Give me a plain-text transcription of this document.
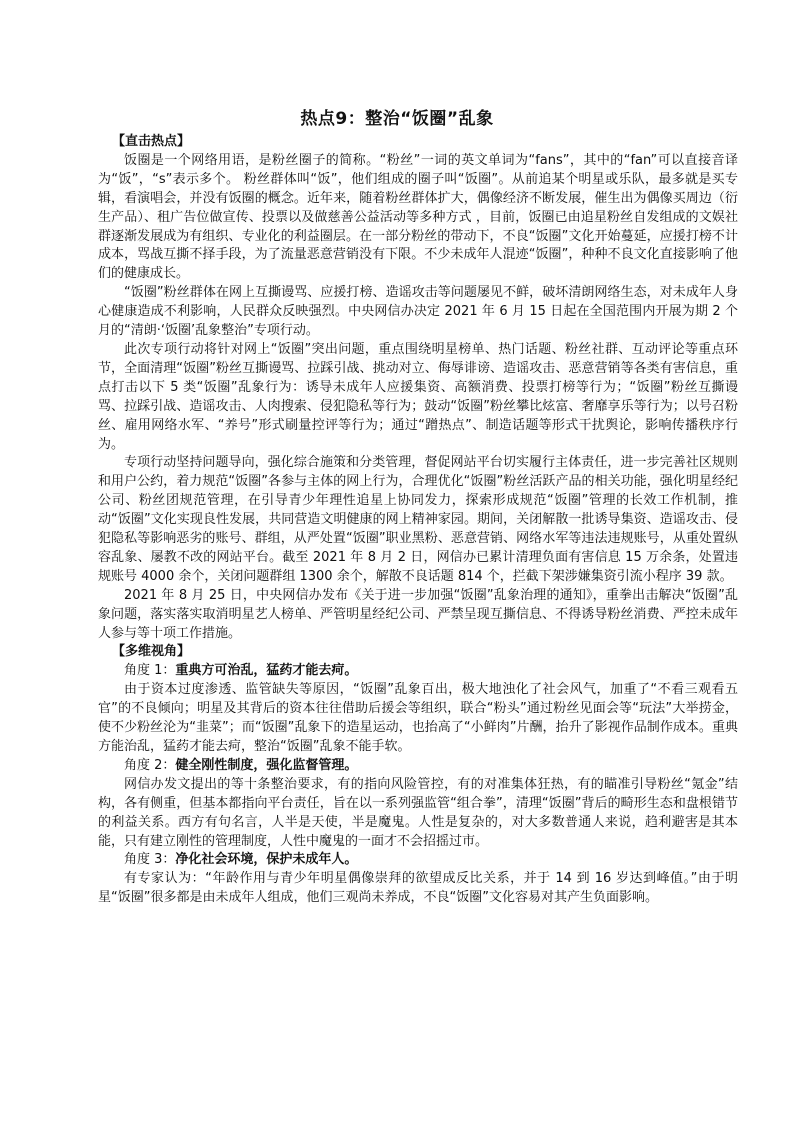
热点9：整治“饭圈”乱象

【直击热点】

饭圈是一个网络用语，是粉丝圈子的简称。“粉丝”一词的英文单词为“fans”，其中的“fan”可以直接音译为“饭”，“s”表示多个。 粉丝群体叫“饭”，他们组成的圈子叫“饭圈”。从前追某个明星或乐队，最多就是买专辑，看演唱会，并没有饭圈的概念。近年来，随着粉丝群体扩大，偶像经济不断发展，催生出为偶像买周边（衍生产品）、租广告位做宣传、投票以及做慈善公益活动等多种方式 ，目前，饭圈已由追星粉丝自发组成的文娱社群逐渐发展成为有组织、专业化的利益圈层。在一部分粉丝的带动下，不良“饭圈”文化开始蔓延，应援打榜不计成本，骂战互撕不择手段，为了流量恶意营销没有下限。不少未成年人混迹“饭圈”，种种不良文化直接影响了他们的健康成长。

“饭圈”粉丝群体在网上互撕谩骂、应援打榜、造谣攻击等问题屡见不鲜，破坏清朗网络生态，对未成年人身心健康造成不利影响，人民群众反映强烈。中央网信办决定 2021 年 6 月 15 日起在全国范围内开展为期 2 个月的“清朗·‘饭圈’乱象整治”专项行动。

此次专项行动将针对网上“饭圈”突出问题，重点围绕明星榜单、热门话题、粉丝社群、互动评论等重点环节，全面清理“饭圈”粉丝互撕谩骂、拉踩引战、挑动对立、侮辱诽谤、造谣攻击、恶意营销等各类有害信息，重点打击以下 5 类“饭圈”乱象行为：诱导未成年人应援集资、高额消费、投票打榜等行为；“饭圈”粉丝互撕谩骂、拉踩引战、造谣攻击、人肉搜索、侵犯隐私等行为；鼓动“饭圈”粉丝攀比炫富、奢靡享乐等行为；以号召粉丝、雇用网络水军、“养号”形式刷量控评等行为；通过“蹭热点”、制造话题等形式干扰舆论，影响传播秩序行为。

专项行动坚持问题导向，强化综合施策和分类管理，督促网站平台切实履行主体责任，进一步完善社区规则和用户公约，着力规范“饭圈”各参与主体的网上行为，合理优化“饭圈”粉丝活跃产品的相关功能，强化明星经纪公司、粉丝团规范管理，在引导青少年理性追星上协同发力，探索形成规范“饭圈”管理的长效工作机制，推动“饭圈”文化实现良性发展，共同营造文明健康的网上精神家园。期间，关闭解散一批诱导集资、造谣攻击、侵犯隐私等影响恶劣的账号、群组，从严处置“饭圈”职业黑粉、恶意营销、网络水军等违法违规账号，从重处置纵容乱象、屡教不改的网站平台。截至 2021 年 8 月 2 日，网信办已累计清理负面有害信息 15 万余条，处置违规账号 4000 余个，关闭问题群组 1300 余个，解散不良话题 814 个，拦截下架涉嫌集资引流小程序 39 款。

2021 年 8 月 25 日，中央网信办发布《关于进一步加强“饭圈”乱象治理的通知》，重拳出击解决“饭圈”乱象问题，落实落实取消明星艺人榜单、严管明星经纪公司、严禁呈现互撕信息、不得诱导粉丝消费、严控未成年人参与等十项工作措施。

【多维视角】

角度 1：重典方可治乱，猛药才能去疴。

由于资本过度渗透、监管缺失等原因，“饭圈”乱象百出，极大地浊化了社会风气，加重了“不看三观看五官”的不良倾向；明星及其背后的资本往往借助后援会等组织，联合“粉头”通过粉丝见面会等“玩法”大举捞金，使不少粉丝沦为“韭菜”；而“饭圈”乱象下的造星运动，也抬高了“小鲜肉”片酬，抬升了影视作品制作成本。重典方能治乱，猛药才能去疴，整治“饭圈”乱象不能手软。

角度 2：健全刚性制度，强化监督管理。

网信办发文提出的等十条整治要求，有的指向风险管控，有的对准集体狂热，有的瞄准引导粉丝“氪金”结构，各有侧重，但基本都指向平台责任，旨在以一系列强监管“组合拳”，清理“饭圈”背后的畸形生态和盘根错节的利益关系。西方有句名言，人半是天使，半是魔鬼。人性是复杂的，对大多数普通人来说，趋利避害是其本能，只有建立刚性的管理制度，人性中魔鬼的一面才不会招摇过市。

角度 3：净化社会环境，保护未成年人。

有专家认为：“年龄作用与青少年明星偶像崇拜的欲望成反比关系，并于 14 到 16 岁达到峰值。”由于明星“饭圈”很多都是由未成年人组成，他们三观尚未养成，不良“饭圈”文化容易对其产生负面影响。
